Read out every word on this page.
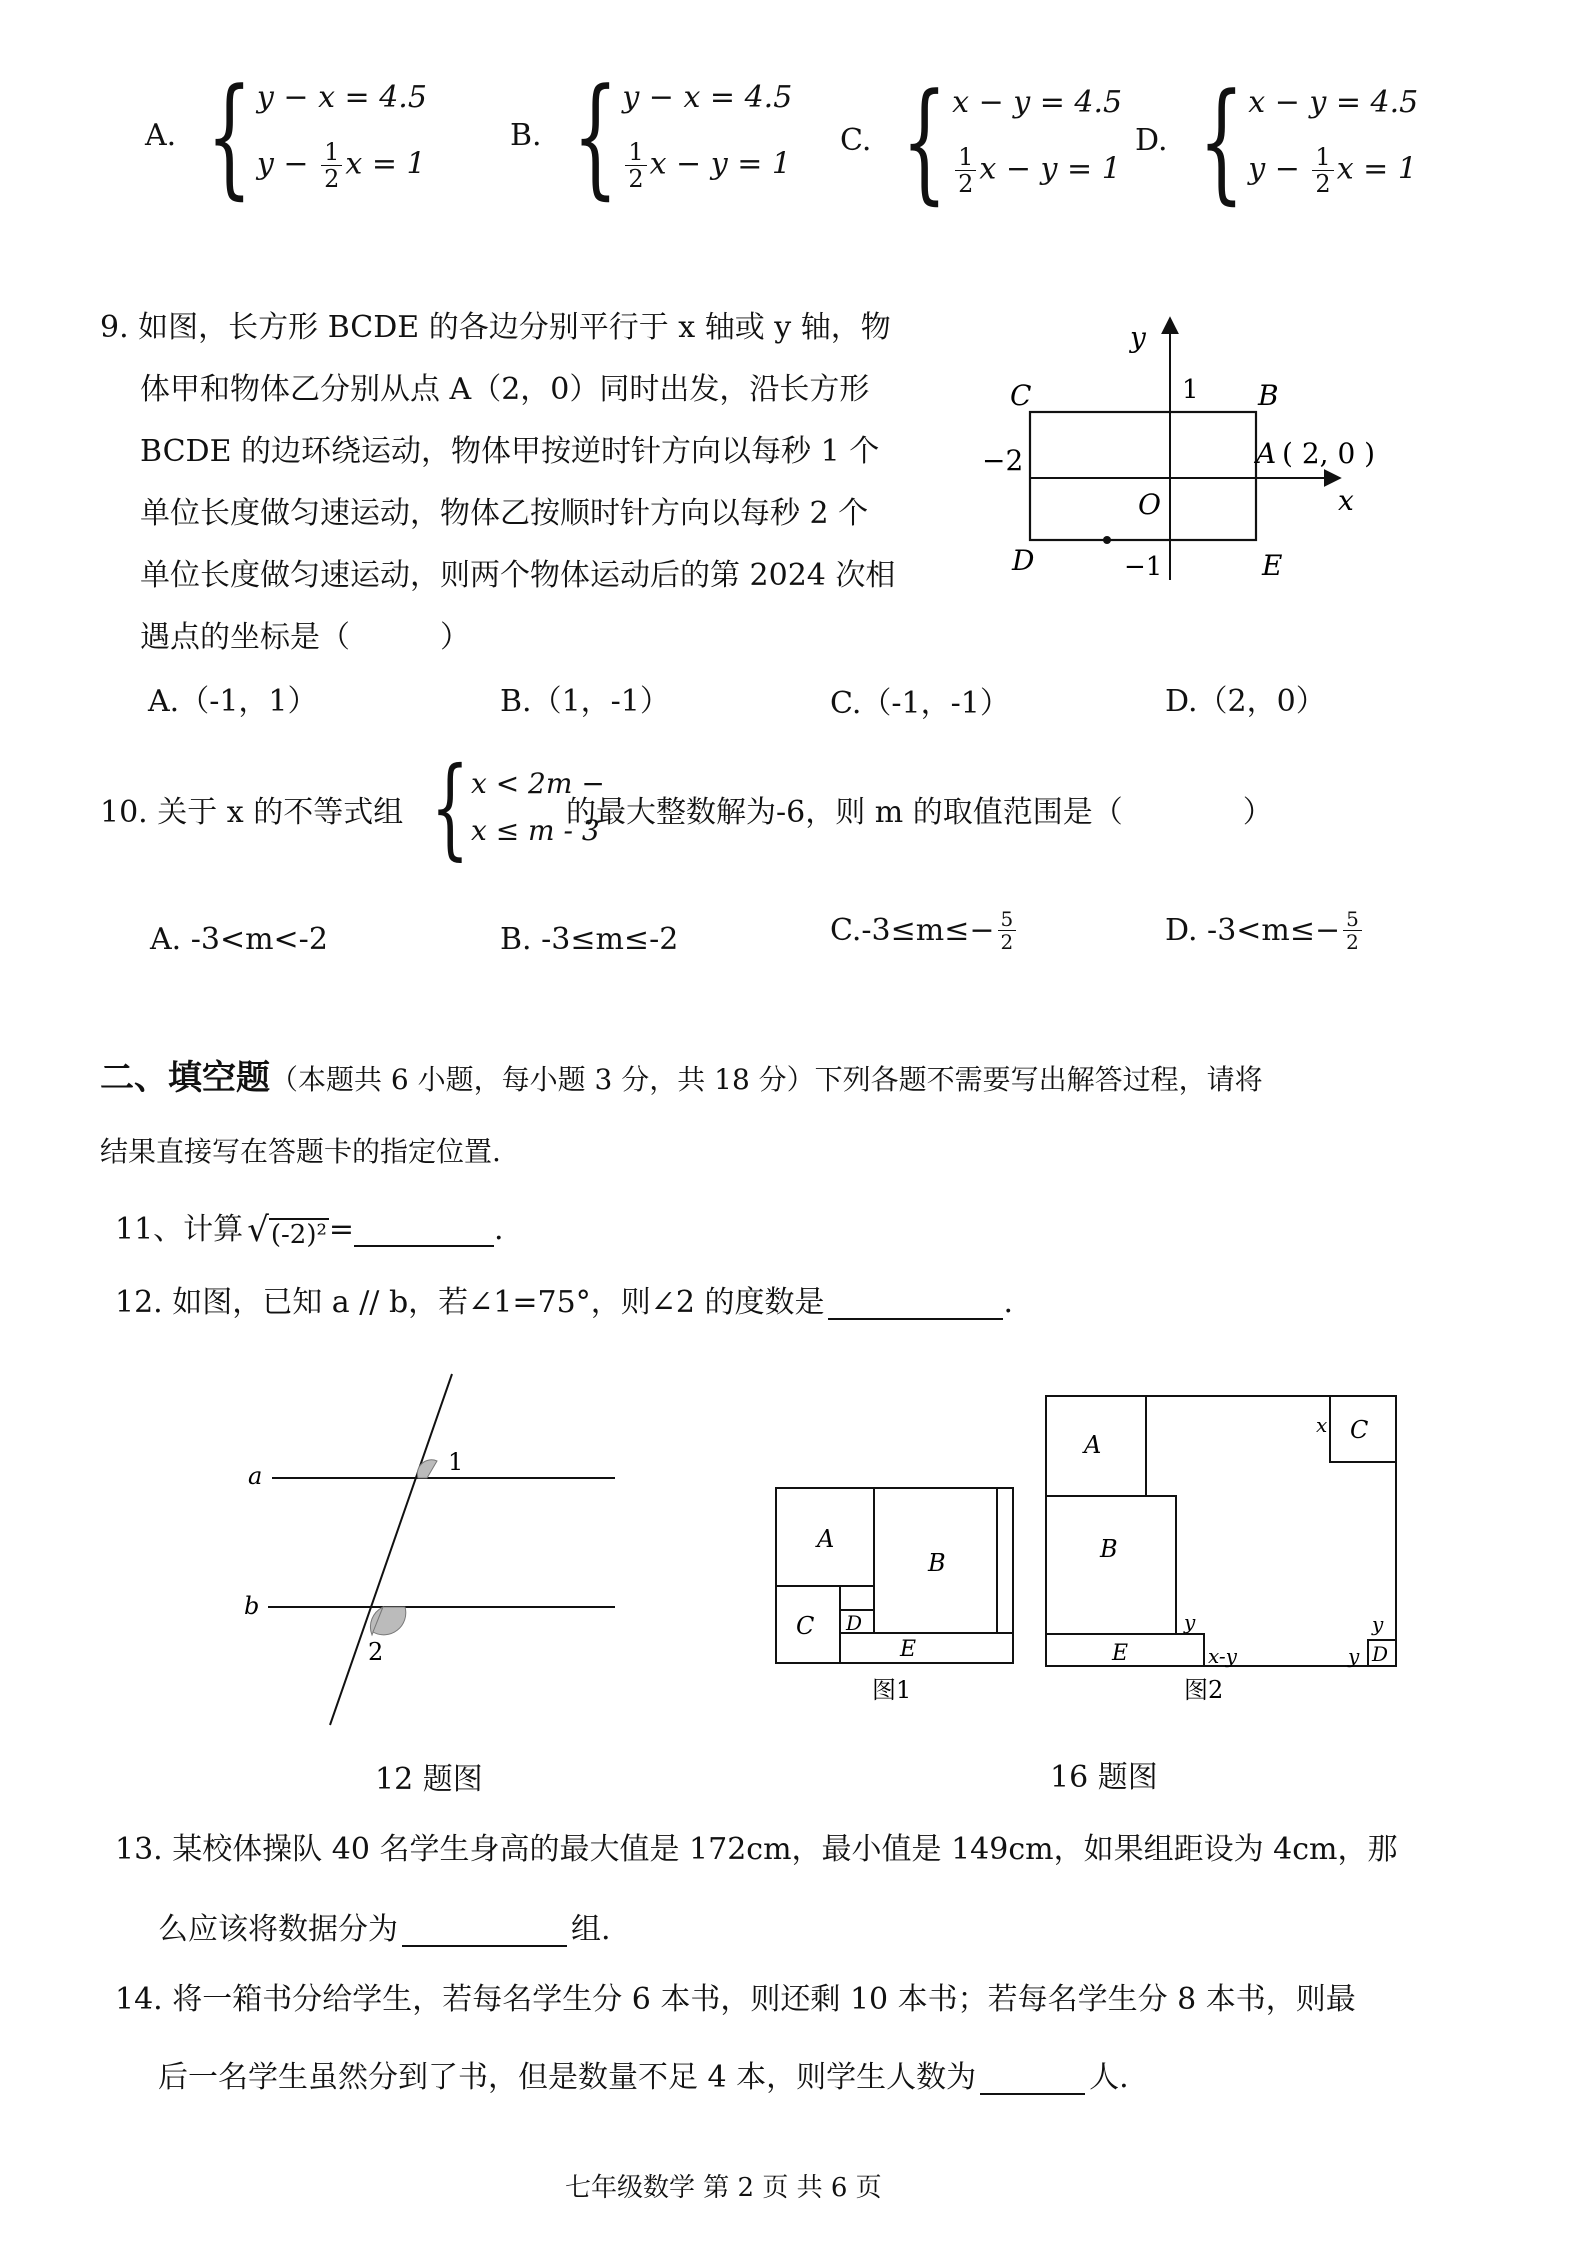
A. { y − x = 4.5
$y - \frac{1}{2}$ x = 1
B. { y − x = 4.5
$\frac{1}{2}$ x − y = 1
C. { x − y = 4.5
$\frac{1}{2}$ x − y = 1
D. { x − y = 4.5
$y - \frac{1}{2}$ x = 1
9. 如图，长方形 BCDE 的各边分别平行于 x 轴或 y 轴，物
体甲和物体乙分别从点 A（2，0）同时出发，沿长方形
BCDE 的边环绕运动，物体甲按逆时针方向以每秒 1 个
单位长度做匀速运动，物体乙按顺时针方向以每秒 2 个
单位长度做匀速运动，则两个物体运动后的第 2024 次相
遇点的坐标是（　　　）
A.（-1，1）	B.（1，-1）	C.（-1，-1）	D.（2，0）
y
x
C	1 B
−2	A ( 2, 0 )
O
D	−1	E
10. 关于 x 的不等式组 { x < 2m −
x ≤ m - 3
的最大整数解为-6，则 m 的取值范围是（　　　　）
A. -3<m<-2	B. -3≤m≤-2	$C.-3\le m\le- \frac{5}{2}$	D. $-3<m\le- \frac{5}{2}$
二、填空题（本题共 6 小题，每小题 3 分，共 18 分）下列各题不需要写出解答过程，请将
结果直接写在答题卡的指定位置.
11、计算 √ (-2)² =	.
12. 如图，已知 a // b，若∠1=75°，则∠2 的度数是	.
a
b
1
2
12 题图
A
B
C D
E
A
B
C
D
E
x
y	y
y
x-y
图1	图2
16 题图
13. 某校体操队 40 名学生身高的最大值是 172cm，最小值是 149cm，如果组距设为 4cm，那
么应该将数据分为	组.
14. 将一箱书分给学生，若每名学生分 6 本书，则还剩 10 本书；若每名学生分 8 本书，则最
后一名学生虽然分到了书，但是数量不足 4 本，则学生人数为	人.
七年级数学 第 2 页 共 6 页
